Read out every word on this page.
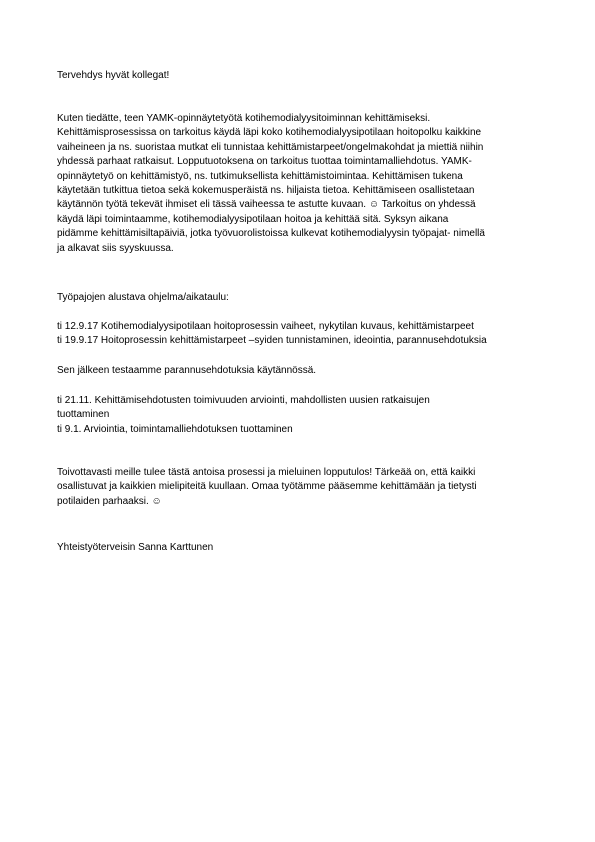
Tervehdys hyvät kollegat!

Kuten tiedätte, teen YAMK-opinnäytetyötä kotihemodialyysitoiminnan kehittämiseksi.
Kehittämisprosessissa on tarkoitus käydä läpi koko kotihemodialyysipotilaan hoitopolku kaikkine
vaiheineen ja ns. suoristaa mutkat eli tunnistaa kehittämistarpeet/ongelmakohdat ja miettiä niihin
yhdessä parhaat ratkaisut. Lopputuotoksena on tarkoitus tuottaa toimintamalliehdotus. YAMK-
opinnäytetyö on kehittämistyö, ns. tutkimuksellista kehittämistoimintaa. Kehittämisen tukena
käytetään tutkittua tietoa sekä kokemusperäistä ns. hiljaista tietoa. Kehittämiseen osallistetaan
käytännön työtä tekevät ihmiset eli tässä vaiheessa te astutte kuvaan. ☺ Tarkoitus on yhdessä
käydä läpi toimintaamme, kotihemodialyysipotilaan hoitoa ja kehittää sitä. Syksyn aikana
pidämme kehittämisiltapäiviä, jotka työvuorolistoissa kulkevat kotihemodialyysin työpajat- nimellä
ja alkavat siis syyskuussa.

Työpajojen alustava ohjelma/aikataulu:

ti 12.9.17 Kotihemodialyysipotilaan hoitoprosessin vaiheet, nykytilan kuvaus, kehittämistarpeet
ti 19.9.17 Hoitoprosessin kehittämistarpeet –syiden tunnistaminen, ideointia, parannusehdotuksia

Sen jälkeen testaamme parannusehdotuksia käytännössä.

ti 21.11. Kehittämisehdotusten toimivuuden arviointi, mahdollisten uusien ratkaisujen
tuottaminen
ti 9.1. Arviointia, toimintamalliehdotuksen tuottaminen

Toivottavasti meille tulee tästä antoisa prosessi ja mieluinen lopputulos! Tärkeää on, että kaikki
osallistuvat ja kaikkien mielipiteitä kuullaan. Omaa työtämme pääsemme kehittämään ja tietysti
potilaiden parhaaksi. ☺

Yhteistyöterveisin Sanna Karttunen
